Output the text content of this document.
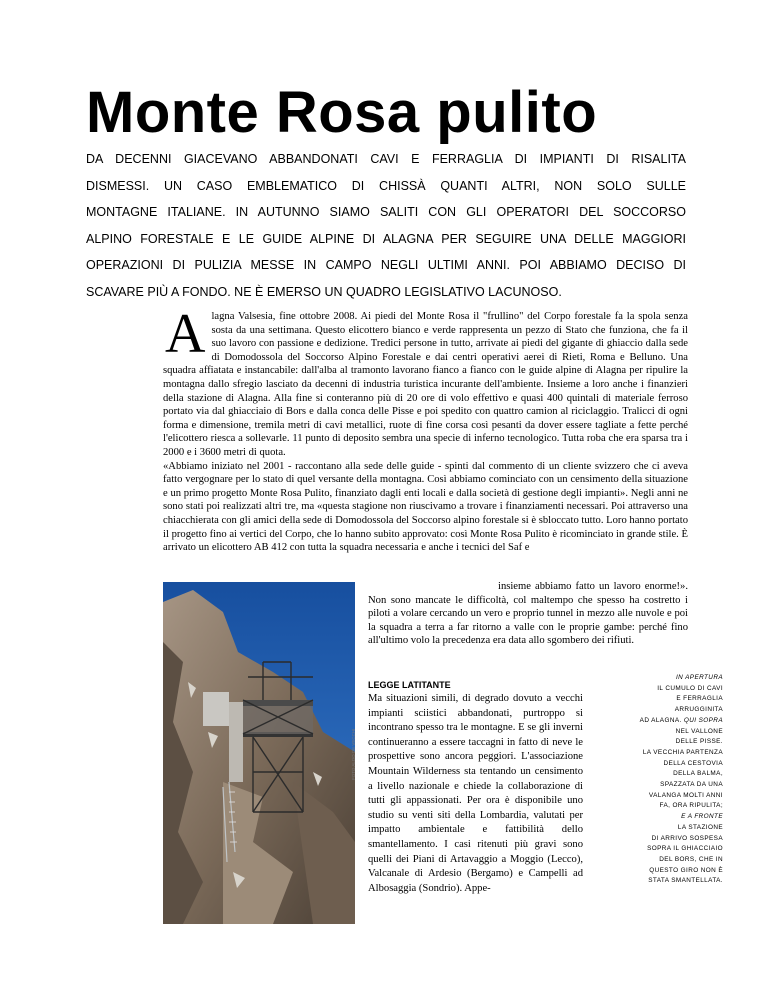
Monte Rosa pulito
DA DECENNI GIACEVANO ABBANDONATI CAVI E FERRAGLIA DI IMPIANTI DI RISALITA
DISMESSI. UN CASO EMBLEMATICO DI CHISSÀ QUANTI ALTRI, NON SOLO SULLE
MONTAGNE ITALIANE. IN AUTUNNO SIAMO SALITI CON GLI OPERATORI DEL SOCCORSO
ALPINO FORESTALE E LE GUIDE ALPINE DI ALAGNA PER SEGUIRE UNA DELLE MAGGIORI
OPERAZIONI DI PULIZIA MESSE IN CAMPO NEGLI ULTIMI ANNI. POI ABBIAMO DECISO DI
SCAVARE PIÙ A FONDO. NE È EMERSO UN QUADRO LEGISLATIVO LACUNOSO.

Alagna Valsesia, fine ottobre 2008. Ai piedi del Monte Rosa il "frullino" del Corpo forestale fa la spola senza sosta da una settimana. Questo elicottero bianco e verde rappresenta un pezzo di Stato che funziona, che fa il suo lavoro con passione e dedizione. Tredici persone in tutto, arrivate ai piedi del gigante di ghiaccio dalla sede di Domodossola del Soccorso Alpino Forestale e dai centri operativi aerei di Rieti, Roma e Belluno. Una squadra affiatata e instancabile: dall'alba al tramonto lavorano fianco a fianco con le guide alpine di Alagna per ripulire la montagna dallo sfregio lasciato da decenni di industria turistica incurante dell'ambiente. Insieme a loro anche i finanzieri della stazione di Alagna. Alla fine si conteranno più di 20 ore di volo effettivo e quasi 400 quintali di materiale ferroso portato via dal ghiacciaio di Bors e dalla conca delle Pisse e poi spedito con quattro camion al riciclaggio. Tralicci di ogni forma e dimensione, tremila metri di cavi metallici, ruote di fine corsa così pesanti da dover essere tagliate a fette perché l'elicottero riesca a sollevarle. 11 punto di deposito sembra una specie di inferno tecnologico. Tutta roba che era sparsa tra i 2000 e i 3600 metri di quota.

«Abbiamo iniziato nel 2001 - raccontano alla sede delle guide - spinti dal commento di un cliente svizzero che ci aveva fatto vergognare per lo stato di quel versante della montagna. Così abbiamo cominciato con un censimento della situazione e un primo progetto Monte Rosa Pulito, finanziato dagli enti locali e dalla società di gestione degli impianti». Negli anni ne sono stati poi realizzati altri tre, ma «questa stagione non riuscivamo a trovare i finanziamenti necessari. Poi attraverso una chiacchierata con gli amici della sede di Domodossola del Soccorso alpino forestale si è sbloccato tutto. Loro hanno portato il progetto fino ai vertici del Corpo, che lo hanno subito approvato: così Monte Rosa Pulito è ricominciato in grande stile. È arrivato un elicottero AB 412 con tutta la squadra necessaria e anche i tecnici del Saf e

FOTO ALDO DE VECCHI

insieme abbiamo fatto un lavoro enorme!». Non sono mancate le difficoltà, col maltempo che spesso ha costretto i piloti a volare cercando un vero e proprio tunnel in mezzo alle nuvole e poi la squadra a terra a far ritorno a valle con le proprie gambe: perché fino all'ultimo volo la precedenza era data allo sgombero dei rifiuti.

LEGGE LATITANTE

Ma situazioni simili, di degrado dovuto a vecchi impianti sciistici abbandonati, purtroppo si incontrano spesso tra le montagne. E se gli inverni continueranno a essere taccagni in fatto di neve le prospettive sono ancora peggiori. L'associazione Mountain Wilderness sta tentando un censimento a livello nazionale e chiede la collaborazione di tutti gli appassionati. Per ora è disponibile uno studio su venti siti della Lombardia, valutati per impatto ambientale e fattibilità dello smantellamento. I casi ritenuti più gravi sono quelli dei Piani di Artavaggio a Moggio (Lecco), Valcanale di Ardesio (Bergamo) e Campelli ad Albosaggia (Sondrio). Appe-

IN APERTURA
IL CUMULO DI CAVI
E FERRAGLIA
ARRUGGINITA
AD ALAGNA. QUI SOPRA
NEL VALLONE
DELLE PISSE.
LA VECCHIA PARTENZA
DELLA CESTOVIA
DELLA BALMA,
SPAZZATA DA UNA
VALANGA MOLTI ANNI
FA, ORA RIPULITA;
E A FRONTE
LA STAZIONE
DI ARRIVO SOSPESA
SOPRA IL GHIACCIAIO
DEL BORS, CHE IN
QUESTO GIRO NON È
STATA SMANTELLATA.
